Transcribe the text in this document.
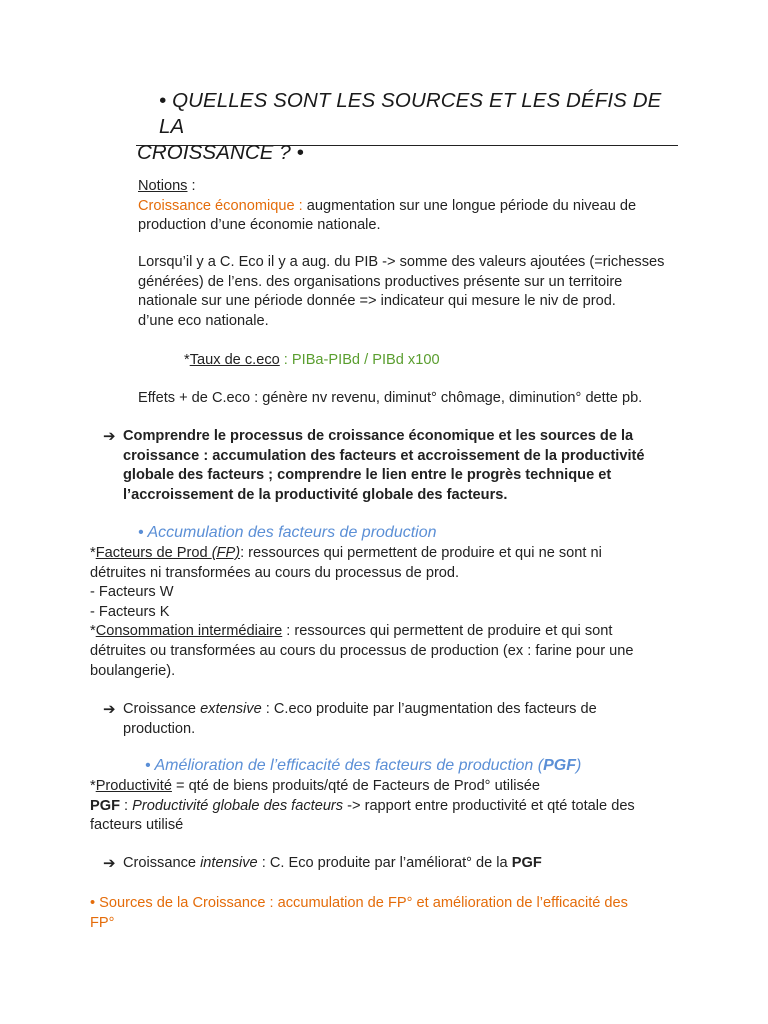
• QUELLES SONT LES SOURCES ET LES DÉFIS DE LA
CROISSANCE ? •
Notions :
Croissance économique : augmentation sur une longue période du niveau de
production d’une économie nationale.
Lorsqu’il y a C. Eco il y a aug. du PIB -> somme des valeurs ajoutées (=richesses
générées) de l’ens. des organisations productives présente sur un territoire
nationale sur une période donnée => indicateur qui mesure le niv de prod.
d’une eco nationale.
*Taux de c.eco : PIBa-PIBd / PIBd x100
Effets + de C.eco : génère nv revenu, diminut° chômage, diminution° dette pb.
➔ Comprendre le processus de croissance économique et les sources de la
croissance : accumulation des facteurs et accroissement de la productivité
globale des facteurs ; comprendre le lien entre le progrès technique et
l’accroissement de la productivité globale des facteurs.
• Accumulation des facteurs de production
*Facteurs de Prod (FP): ressources qui permettent de produire et qui ne sont ni
détruites ni transformées au cours du processus de prod.
- Facteurs W
- Facteurs K
*Consommation intermédiaire : ressources qui permettent de produire et qui sont
détruites ou transformées au cours du processus de production (ex : farine pour une
boulangerie).
➔ Croissance extensive : C.eco produite par l’augmentation des facteurs de
production.
• Amélioration de l’efficacité des facteurs de production (PGF)
*Productivité = qté de biens produits/qté de Facteurs de Prod° utilisée
PGF : Productivité globale des facteurs -> rapport entre productivité et qté totale des
facteurs utilisé
➔ Croissance intensive : C. Eco produite par l’améliorat° de la PGF
• Sources de la Croissance : accumulation de FP° et amélioration de l’efficacité des
FP°
